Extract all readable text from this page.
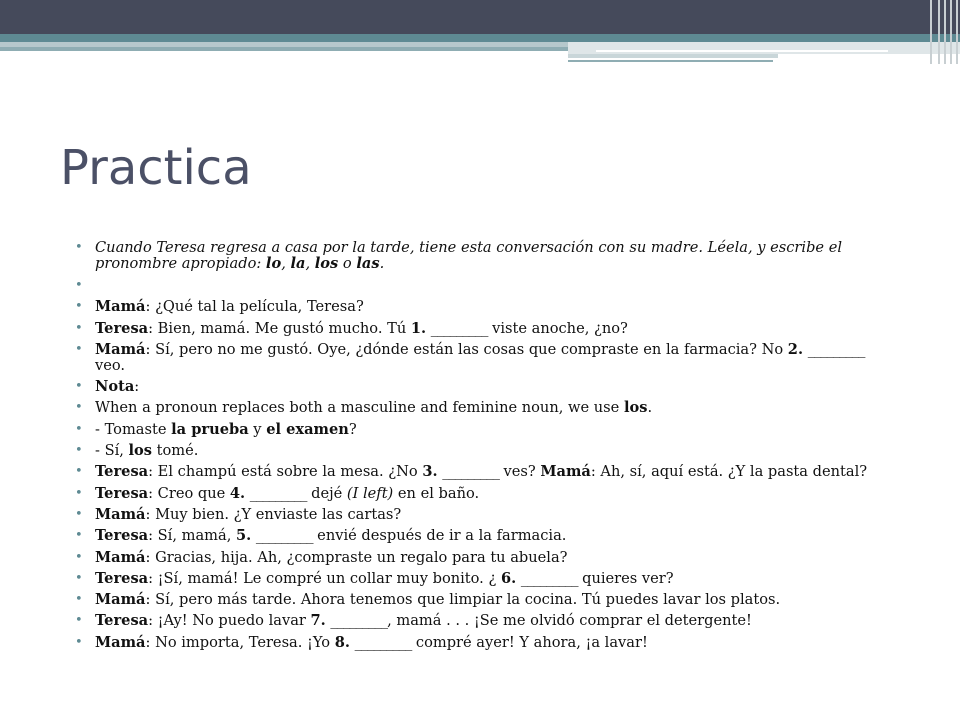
Practica
• Cuando Teresa regresa a casa por la tarde, tiene esta conversación con su madre. Léela, y escribe el pronombre apropiado: lo, la, los o las.
•
• Mamá: ¿Qué tal la película, Teresa?
• Teresa: Bien, mamá. Me gustó mucho. Tú 1. _________ viste anoche, ¿no?
• Mamá: Sí, pero no me gustó. Oye, ¿dónde están las cosas que compraste en la farmacia? No 2. _________ veo.
• Nota:
• When a pronoun replaces both a masculine and feminine noun, we use los.
• - Tomaste la prueba y el examen?
• - Sí, los tomé.
• Teresa: El champú está sobre la mesa. ¿No 3. _________ ves? Mamá: Ah, sí, aquí está. ¿Y la pasta dental?
• Teresa: Creo que 4. _________ dejé (I left) en el baño.
• Mamá: Muy bien. ¿Y enviaste las cartas?
• Teresa: Sí, mamá, 5. _________ envié después de ir a la farmacia.
• Mamá: Gracias, hija. Ah, ¿compraste un regalo para tu abuela?
• Teresa: ¡Sí, mamá! Le compré un collar muy bonito. ¿ 6. _________ quieres ver?
• Mamá: Sí, pero más tarde. Ahora tenemos que limpiar la cocina. Tú puedes lavar los platos.
• Teresa: ¡Ay! No puedo lavar 7. _________, mamá . . . ¡Se me olvidó comprar el detergente!
• Mamá: No importa, Teresa. ¡Yo 8. _________ compré ayer! Y ahora, ¡a lavar!
